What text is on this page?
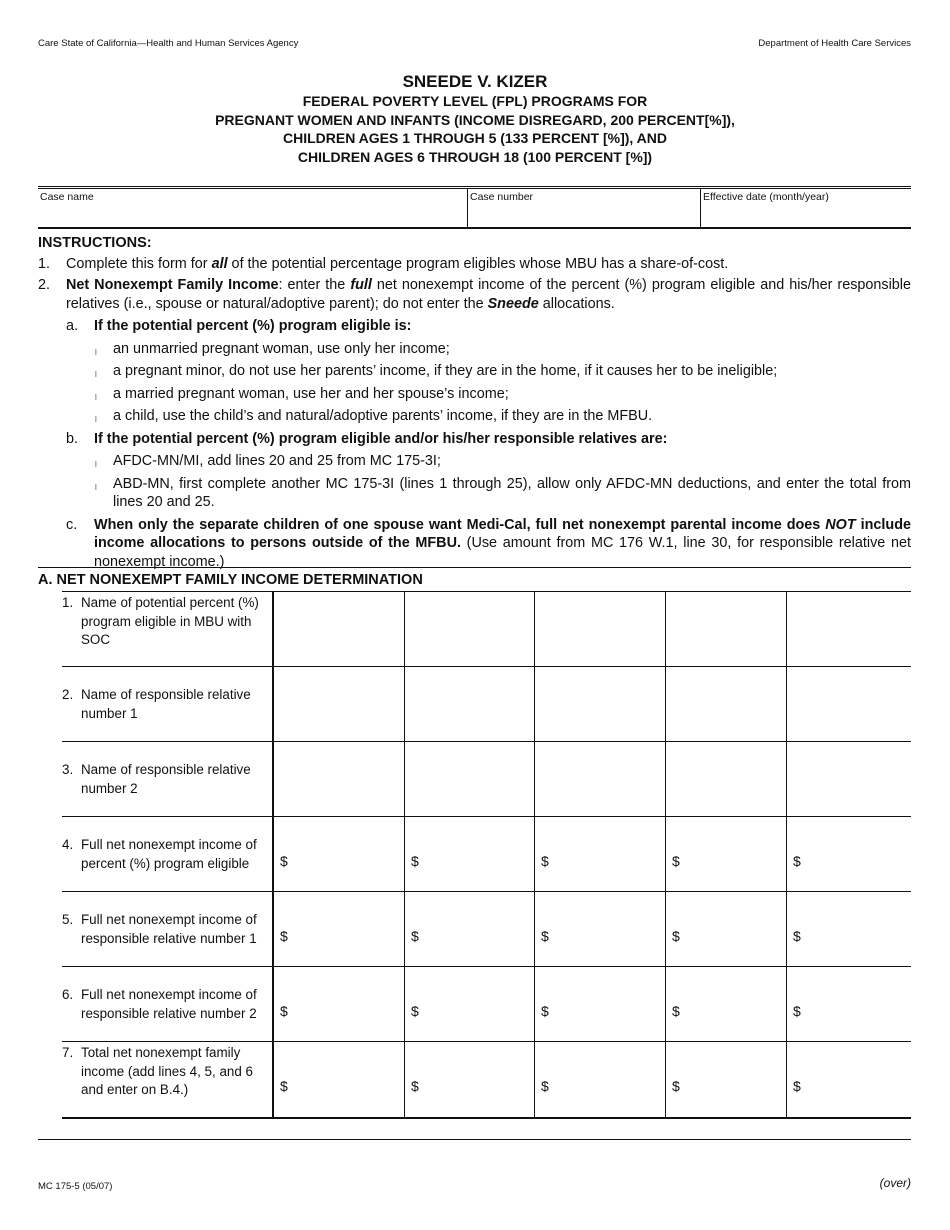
Care State of California—Health and Human Services Agency	Department of Health Care Services
SNEEDE V. KIZER
FEDERAL POVERTY LEVEL (FPL) PROGRAMS FOR
PREGNANT WOMEN AND INFANTS (INCOME DISREGARD, 200 PERCENT[%]),
CHILDREN AGES 1 THROUGH 5 (133 PERCENT [%]), AND
CHILDREN AGES 6 THROUGH 18 (100 PERCENT [%])
Case name	Case number	Effective date (month/year)
INSTRUCTIONS:
1. Complete this form for all of the potential percentage program eligibles whose MBU has a share-of-cost.
2. Net Nonexempt Family Income: enter the full net nonexempt income of the percent (%) program eligible and his/her responsible relatives (i.e., spouse or natural/adoptive parent); do not enter the Sneede allocations.
a. If the potential percent (%) program eligible is:
l an unmarried pregnant woman, use only her income;
l a pregnant minor, do not use her parents’ income, if they are in the home, if it causes her to be ineligible;
l a married pregnant woman, use her and her spouse’s income;
l a child, use the child’s and natural/adoptive parents’ income, if they are in the MFBU.
b. If the potential percent (%) program eligible and/or his/her responsible relatives are:
l AFDC-MN/MI, add lines 20 and 25 from MC 175-3I;
l ABD-MN, first complete another MC 175-3I (lines 1 through 25), allow only AFDC-MN deductions, and enter the total from lines 20 and 25.
c. When only the separate children of one spouse want Medi-Cal, full net nonexempt parental income does NOT include income allocations to persons outside of the MFBU. (Use amount from MC 176 W.1, line 30, for responsible relative net nonexempt income.)
A. NET NONEXEMPT FAMILY INCOME DETERMINATION
1. Name of potential percent (%) program eligible in MBU with SOC
2. Name of responsible relative number 1
3. Name of responsible relative number 2
4. Full net nonexempt income of percent (%) program eligible	$	$	$	$	$
5. Full net nonexempt income of responsible relative number 1	$	$	$	$	$
6. Full net nonexempt income of responsible relative number 2	$	$	$	$	$
7. Total net nonexempt family income (add lines 4, 5, and 6 and enter on B.4.)	$	$	$	$	$
MC 175-5 (05/07)	(over)
